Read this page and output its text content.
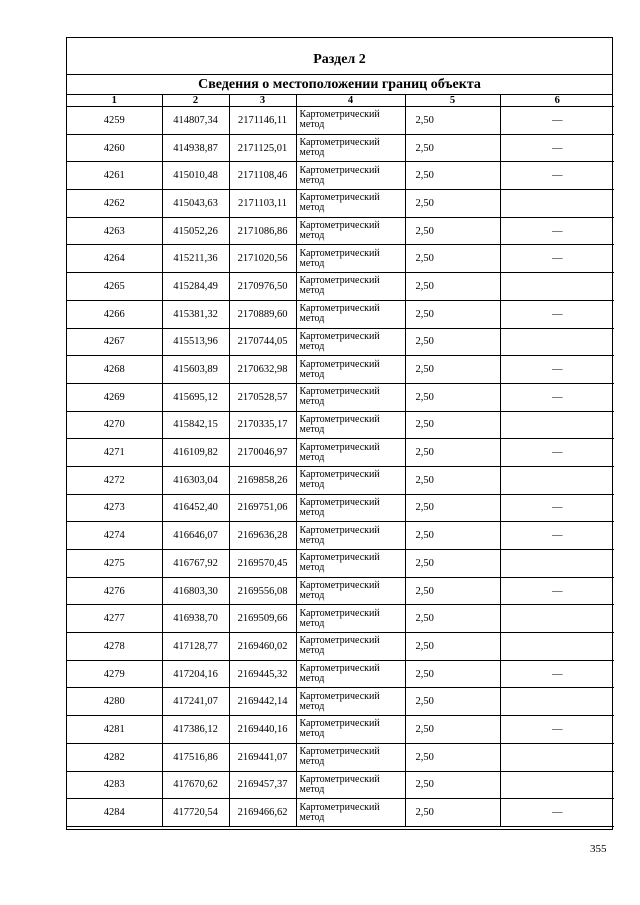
Раздел 2
Сведения о местоположении границ объекта
1	2	3	4	5	6
4259	414807,34	2171146,11	Картометрический метод	2,50	—
4260	414938,87	2171125,01	Картометрический метод	2,50	—
4261	415010,48	2171108,46	Картометрический метод	2,50	—
4262	415043,63	2171103,11	Картометрический метод	2,50	
4263	415052,26	2171086,86	Картометрический метод	2,50	—
4264	415211,36	2171020,56	Картометрический метод	2,50	—
4265	415284,49	2170976,50	Картометрический метод	2,50	
4266	415381,32	2170889,60	Картометрический метод	2,50	—
4267	415513,96	2170744,05	Картометрический метод	2,50	
4268	415603,89	2170632,98	Картометрический метод	2,50	—
4269	415695,12	2170528,57	Картометрический метод	2,50	—
4270	415842,15	2170335,17	Картометрический метод	2,50	
4271	416109,82	2170046,97	Картометрический метод	2,50	—
4272	416303,04	2169858,26	Картометрический метод	2,50	
4273	416452,40	2169751,06	Картометрический метод	2,50	—
4274	416646,07	2169636,28	Картометрический метод	2,50	—
4275	416767,92	2169570,45	Картометрический метод	2,50	
4276	416803,30	2169556,08	Картометрический метод	2,50	—
4277	416938,70	2169509,66	Картометрический метод	2,50	
4278	417128,77	2169460,02	Картометрический метод	2,50	
4279	417204,16	2169445,32	Картометрический метод	2,50	—
4280	417241,07	2169442,14	Картометрический метод	2,50	
4281	417386,12	2169440,16	Картометрический метод	2,50	—
4282	417516,86	2169441,07	Картометрический метод	2,50	
4283	417670,62	2169457,37	Картометрический метод	2,50	
4284	417720,54	2169466,62	Картометрический метод	2,50	—
355
